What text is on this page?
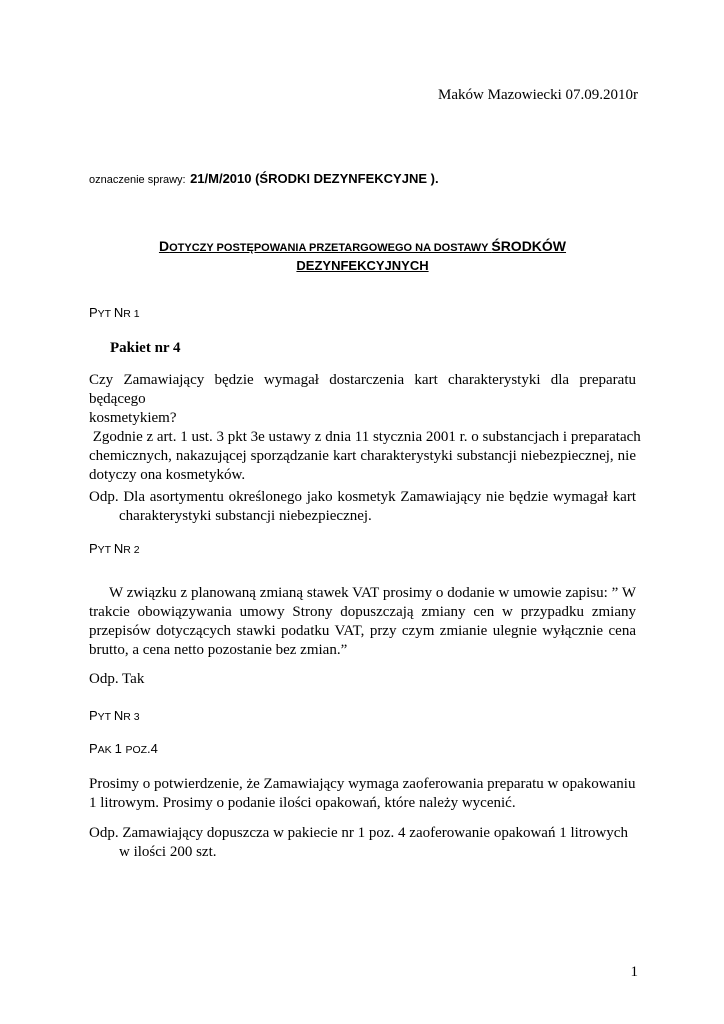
Maków Mazowiecki 07.09.2010r
oznaczenie sprawy: 21/M/2010 (ŚRODKI DEZYNFEKCYJNE ).
DOTYCZY POSTĘPOWANIA PRZETARGOWEGO NA DOSTAWY ŚRODKÓW
DEZYNFEKCYJNYCH
PYT NR 1
Pakiet nr 4
Czy Zamawiający będzie wymagał dostarczenia kart charakterystyki dla preparatu będącego
kosmetykiem?
Zgodnie z art. 1 ust. 3 pkt 3e ustawy z dnia 11 stycznia 2001 r. o substancjach i preparatach
chemicznych, nakazującej sporządzanie kart charakterystyki substancji niebezpiecznej, nie
dotyczy ona kosmetyków.
Odp. Dla asortymentu określonego jako kosmetyk Zamawiający nie będzie wymagał kart
charakterystyki substancji niebezpiecznej.
PYT NR 2
W związku z planowaną zmianą stawek VAT prosimy o dodanie w umowie zapisu: ” W
trakcie obowiązywania umowy Strony dopuszczają zmiany cen w przypadku zmiany
przepisów dotyczących stawki podatku VAT, przy czym zmianie ulegnie wyłącznie cena
brutto, a cena netto pozostanie bez zmian.”
Odp. Tak
PYT NR 3
PAK 1 POZ.4
Prosimy o potwierdzenie, że Zamawiający wymaga zaoferowania preparatu w opakowaniu
1 litrowym. Prosimy o podanie ilości opakowań, które należy wycenić.
Odp. Zamawiający dopuszcza w pakiecie nr 1 poz. 4 zaoferowanie opakowań 1 litrowych
w ilości 200 szt.
1
